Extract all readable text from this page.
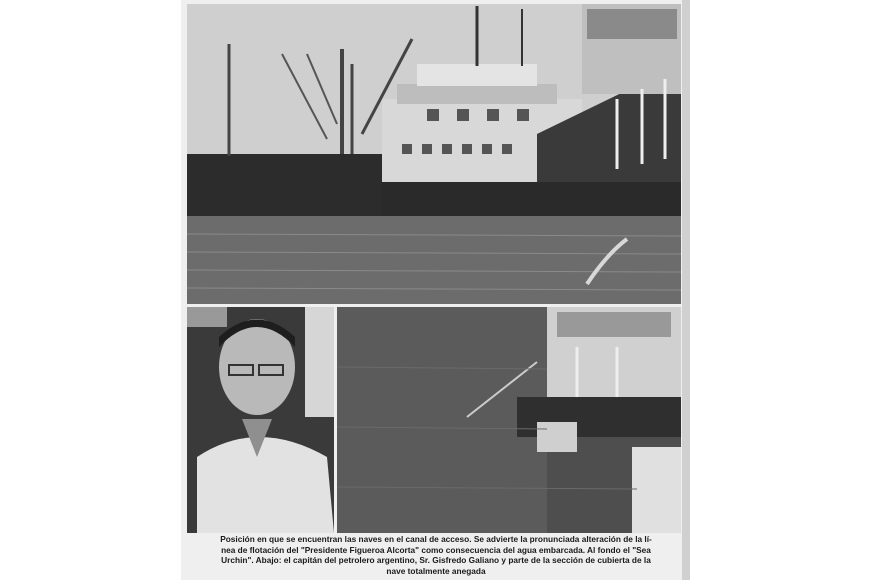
Posición en que se encuentran las naves en el canal de acceso. Se advierte la pronunciada alteración de la lí-
nea de flotación del "Presidente Figueroa Alcorta" como consecuencia del agua embarcada. Al fondo el "Sea
Urchin". Abajo: el capitán del petrolero argentino, Sr. Gisfredo Galiano y parte de la sección de cubierta de la
nave totalmente anegada
